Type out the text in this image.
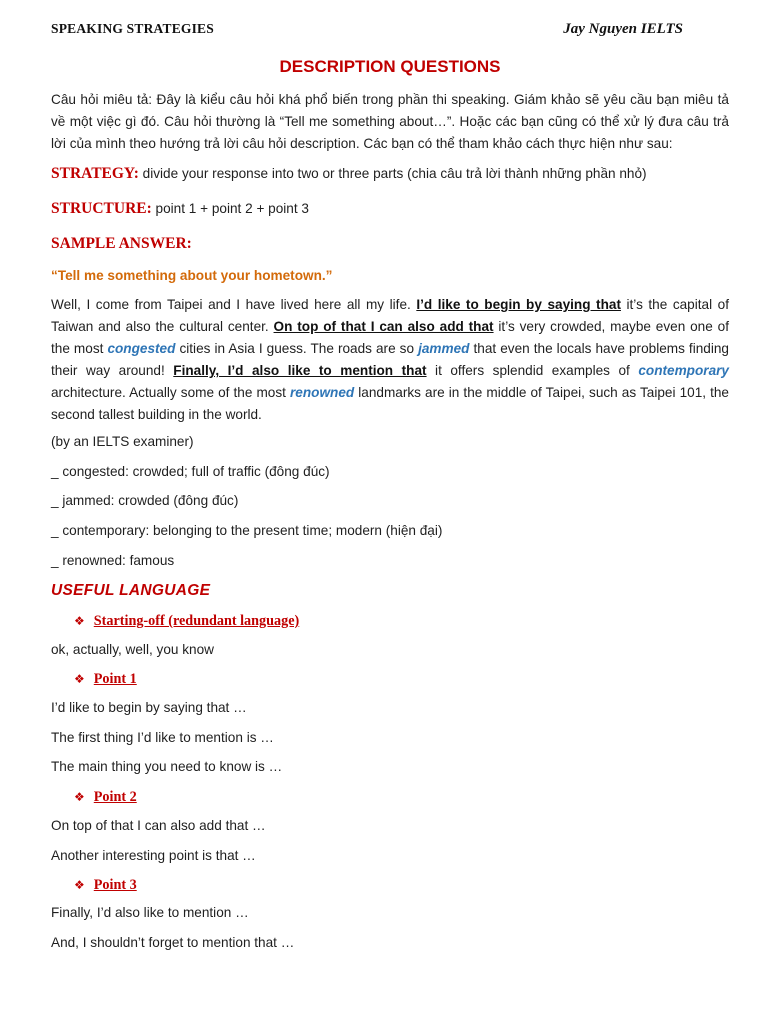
SPEAKING STRATEGIES	Jay Nguyen IELTS
DESCRIPTION QUESTIONS
Câu hỏi miêu tả: Đây là kiểu câu hỏi khá phổ biến trong phần thi speaking. Giám khảo sẽ yêu cầu bạn miêu tả về một việc gì đó. Câu hỏi thường là “Tell me something about…”. Hoặc các bạn cũng có thể xử lý đưa câu trả lời của mình theo hướng trả lời câu hỏi description. Các bạn có thể tham khảo cách thực hiện như sau:
STRATEGY: divide your response into two or three parts (chia câu trả lời thành những phần nhỏ)
STRUCTURE: point 1 + point 2 + point 3
SAMPLE ANSWER:
“Tell me something about your hometown.”
Well, I come from Taipei and I have lived here all my life. I’d like to begin by saying that it’s the capital of Taiwan and also the cultural center. On top of that I can also add that it’s very crowded, maybe even one of the most congested cities in Asia I guess. The roads are so jammed that even the locals have problems finding their way around! Finally, I’d also like to mention that it offers splendid examples of contemporary architecture. Actually some of the most renowned landmarks are in the middle of Taipei, such as Taipei 101, the second tallest building in the world.
(by an IELTS examiner)
_ congested: crowded; full of traffic (đông đúc)
_ jammed: crowded (đông đúc)
_ contemporary: belonging to the present time; modern (hiện đại)
_ renowned: famous
USEFUL LANGUAGE
❖ Starting-off (redundant language)
ok, actually, well, you know
❖ Point 1
I’d like to begin by saying that …
The first thing I’d like to mention is …
The main thing you need to know is …
❖ Point 2
On top of that I can also add that …
Another interesting point is that …
❖ Point 3
Finally, I’d also like to mention …
And, I shouldn’t forget to mention that …
